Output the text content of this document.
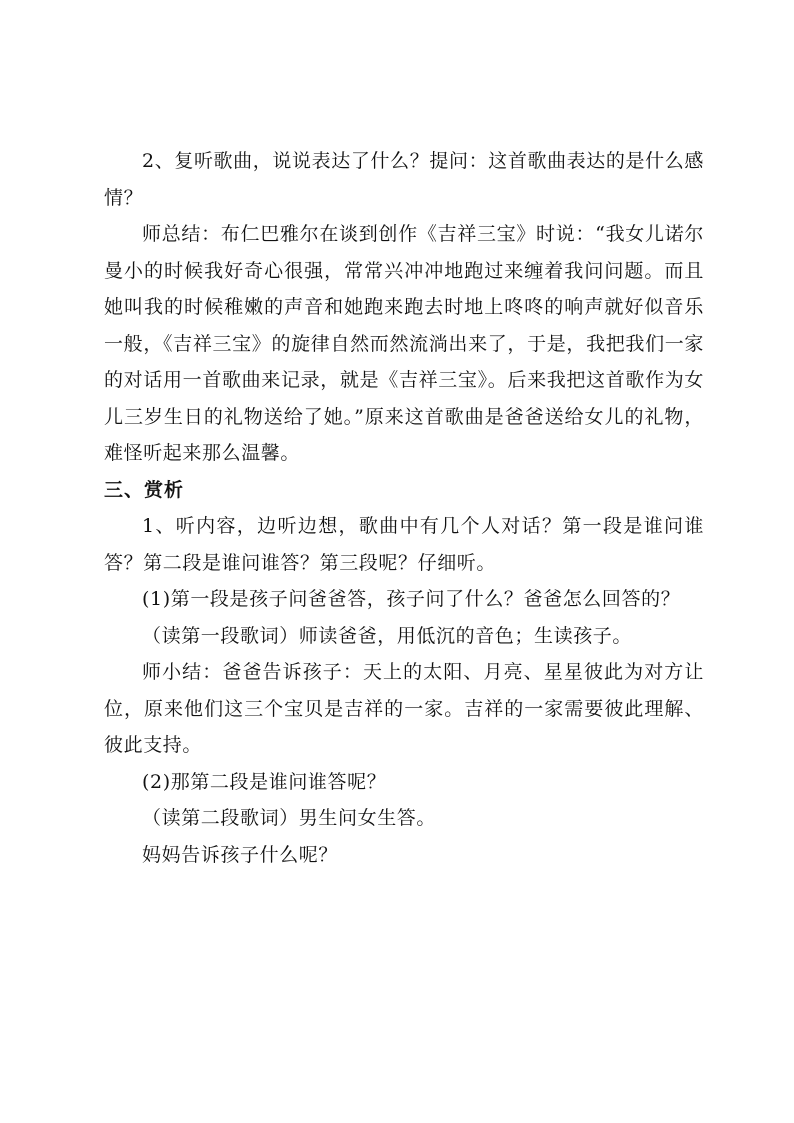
2、复听歌曲，说说表达了什么？提问：这首歌曲表达的是什么感情？

师总结：布仁巴雅尔在谈到创作《吉祥三宝》时说：“我女儿诺尔曼小的时候我好奇心很强，常常兴冲冲地跑过来缠着我问问题。而且她叫我的时候稚嫩的声音和她跑来跑去时地上咚咚的响声就好似音乐一般，《吉祥三宝》的旋律自然而然流淌出来了，于是，我把我们一家的对话用一首歌曲来记录，就是《吉祥三宝》。后来我把这首歌作为女儿三岁生日的礼物送给了她。”原来这首歌曲是爸爸送给女儿的礼物，难怪听起来那么温馨。

三、赏析

1、听内容，边听边想，歌曲中有几个人对话？第一段是谁问谁答？第二段是谁问谁答？第三段呢？仔细听。

(1)第一段是孩子问爸爸答，孩子问了什么？爸爸怎么回答的？

（读第一段歌词）师读爸爸，用低沉的音色；生读孩子。

师小结：爸爸告诉孩子：天上的太阳、月亮、星星彼此为对方让位，原来他们这三个宝贝是吉祥的一家。吉祥的一家需要彼此理解、彼此支持。

(2)那第二段是谁问谁答呢？

（读第二段歌词）男生问女生答。

妈妈告诉孩子什么呢？
